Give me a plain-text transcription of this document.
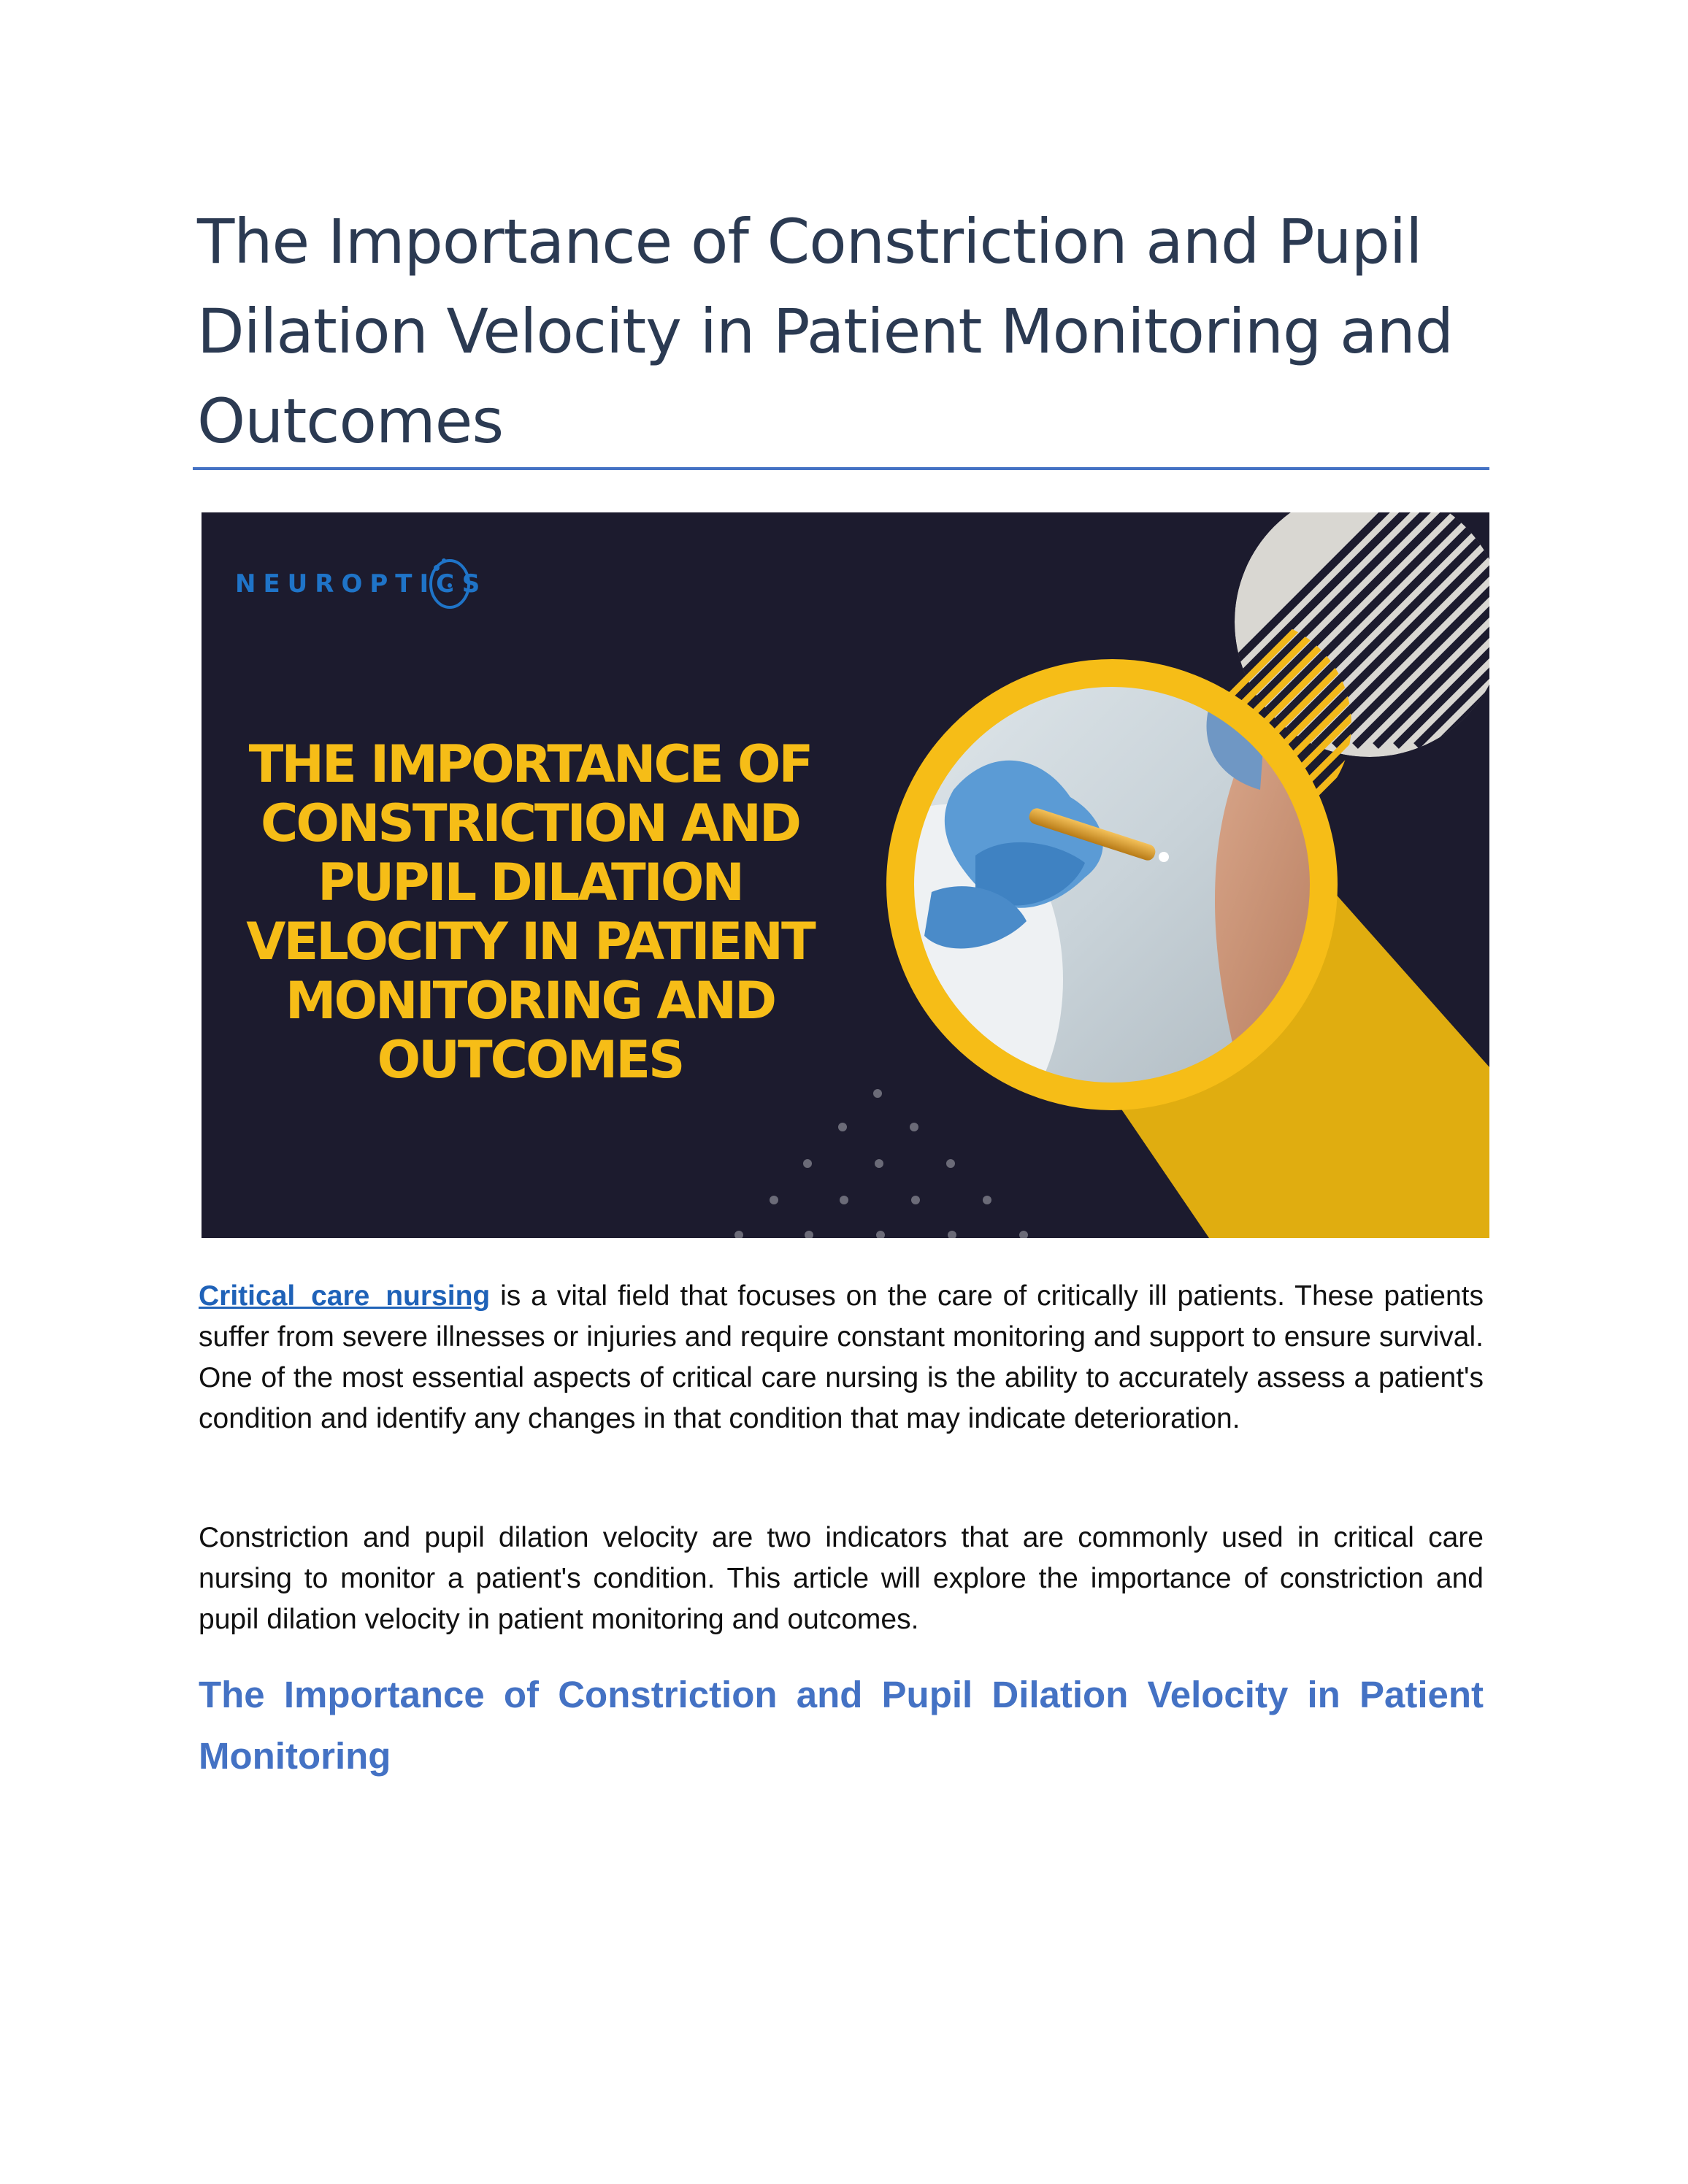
The Importance of Constriction and Pupil Dilation Velocity in Patient Monitoring and Outcomes
NEUROPTICS
THE IMPORTANCE OF CONSTRICTION AND PUPIL DILATION VELOCITY IN PATIENT MONITORING AND OUTCOMES

Critical care nursing is a vital field that focuses on the care of critically ill patients. These patients suffer from severe illnesses or injuries and require constant monitoring and support to ensure survival. One of the most essential aspects of critical care nursing is the ability to accurately assess a patient's condition and identify any changes in that condition that may indicate deterioration.

Constriction and pupil dilation velocity are two indicators that are commonly used in critical care nursing to monitor a patient's condition. This article will explore the importance of constriction and pupil dilation velocity in patient monitoring and outcomes.

The Importance of Constriction and Pupil Dilation Velocity in Patient Monitoring
